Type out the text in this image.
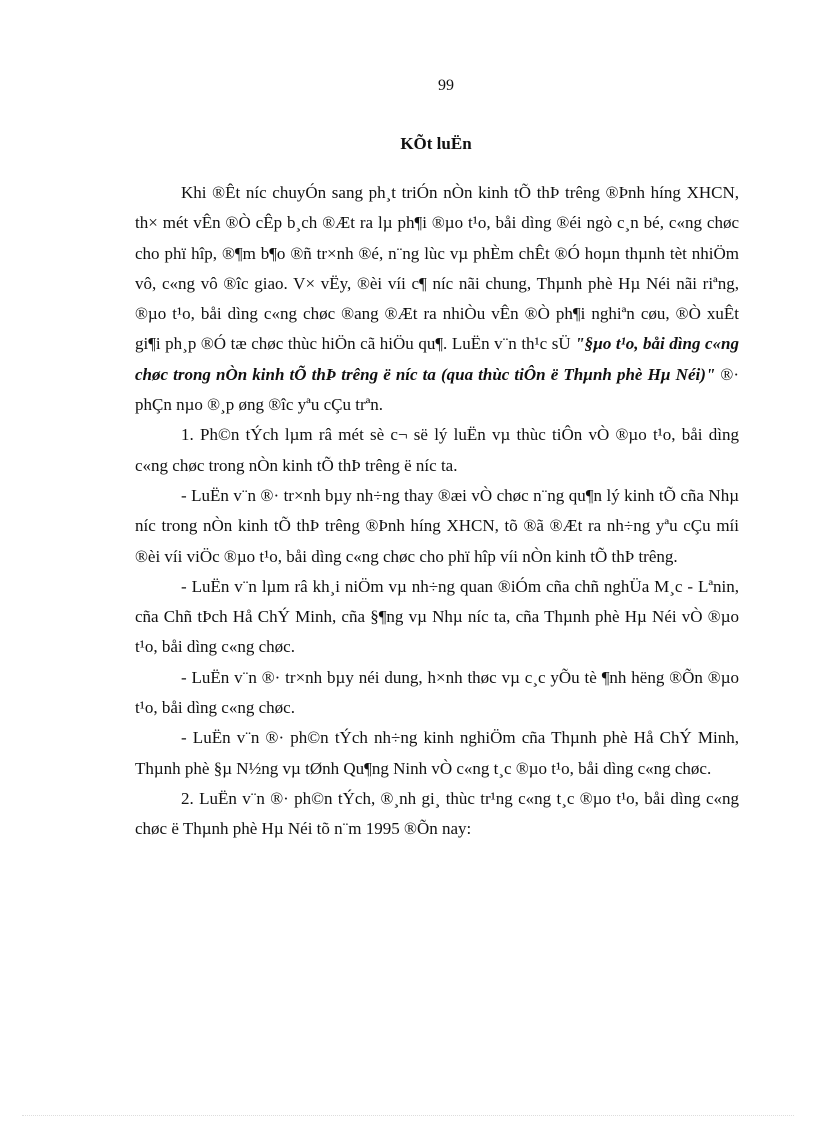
99
KÕt luËn

Khi ®Êt níc chuyÓn sang ph¸t triÓn nÒn kinh tÕ thÞ trêng ®Þnh híng XHCN, th× mét vÊn ®Ò cÊp b¸ch ®Æt ra lµ ph¶i ®µo t¹o, båi dìng ®éi ngò c¸n bé, c«ng chøc cho phï hîp, ®¶m b¶o ®ñ tr×nh ®é, n¨ng lùc vµ phÈm chÊt ®Ó hoµn thµnh tèt nhiÖm vô, c«ng vô ®îc giao. V× vËy, ®èi víi c¶ níc nãi chung, Thµnh phè Hµ Néi nãi riªng, ®µo t¹o, båi dìng c«ng chøc ®ang ®Æt ra nhiÒu vÊn ®Ò ph¶i nghiªn cøu, ®Ò xuÊt gi¶i ph¸p ®Ó tæ chøc thùc hiÖn cã hiÖu qu¶. LuËn v¨n th¹c sÜ "§µo t¹o, båi dìng c«ng chøc trong nÒn kinh tÕ thÞ trêng ë níc ta (qua thùc tiÔn ë Thµnh phè Hµ Néi)" ®· phÇn nµo ®¸p øng ®îc yªu cÇu trªn.

1. Ph©n tÝch lµm râ mét sè c¬ së lý luËn vµ thùc tiÔn vÒ ®µo t¹o, båi dìng c«ng chøc trong nÒn kinh tÕ thÞ trêng ë níc ta.

- LuËn v¨n ®· tr×nh bµy nh÷ng thay ®æi vÒ chøc n¨ng qu¶n lý kinh tÕ cña Nhµ níc trong nÒn kinh tÕ thÞ trêng ®Þnh híng XHCN, tõ ®ã ®Æt ra nh÷ng yªu cÇu míi ®èi víi viÖc ®µo t¹o, båi dìng c«ng chøc cho phï hîp víi nÒn kinh tÕ thÞ trêng.

- LuËn v¨n lµm râ kh¸i niÖm vµ nh÷ng quan ®iÓm cña chñ nghÜa M¸c - Lªnin, cña Chñ tÞch Hå ChÝ Minh, cña §¶ng vµ Nhµ níc ta, cña Thµnh phè Hµ Néi vÒ ®µo t¹o, båi dìng c«ng chøc.

- LuËn v¨n ®· tr×nh bµy néi dung, h×nh thøc vµ c¸c yÕu tè ¶nh hëng ®Õn ®µo t¹o, båi dìng c«ng chøc.

- LuËn v¨n ®· ph©n tÝch nh÷ng kinh nghiÖm cña Thµnh phè Hå ChÝ Minh, Thµnh phè §µ N½ng vµ tØnh Qu¶ng Ninh vÒ c«ng t¸c ®µo t¹o, båi dìng c«ng chøc.

2. LuËn v¨n ®· ph©n tÝch, ®¸nh gi¸ thùc tr¹ng c«ng t¸c ®µo t¹o, båi dìng c«ng chøc ë Thµnh phè Hµ Néi tõ n¨m 1995 ®Õn nay:
